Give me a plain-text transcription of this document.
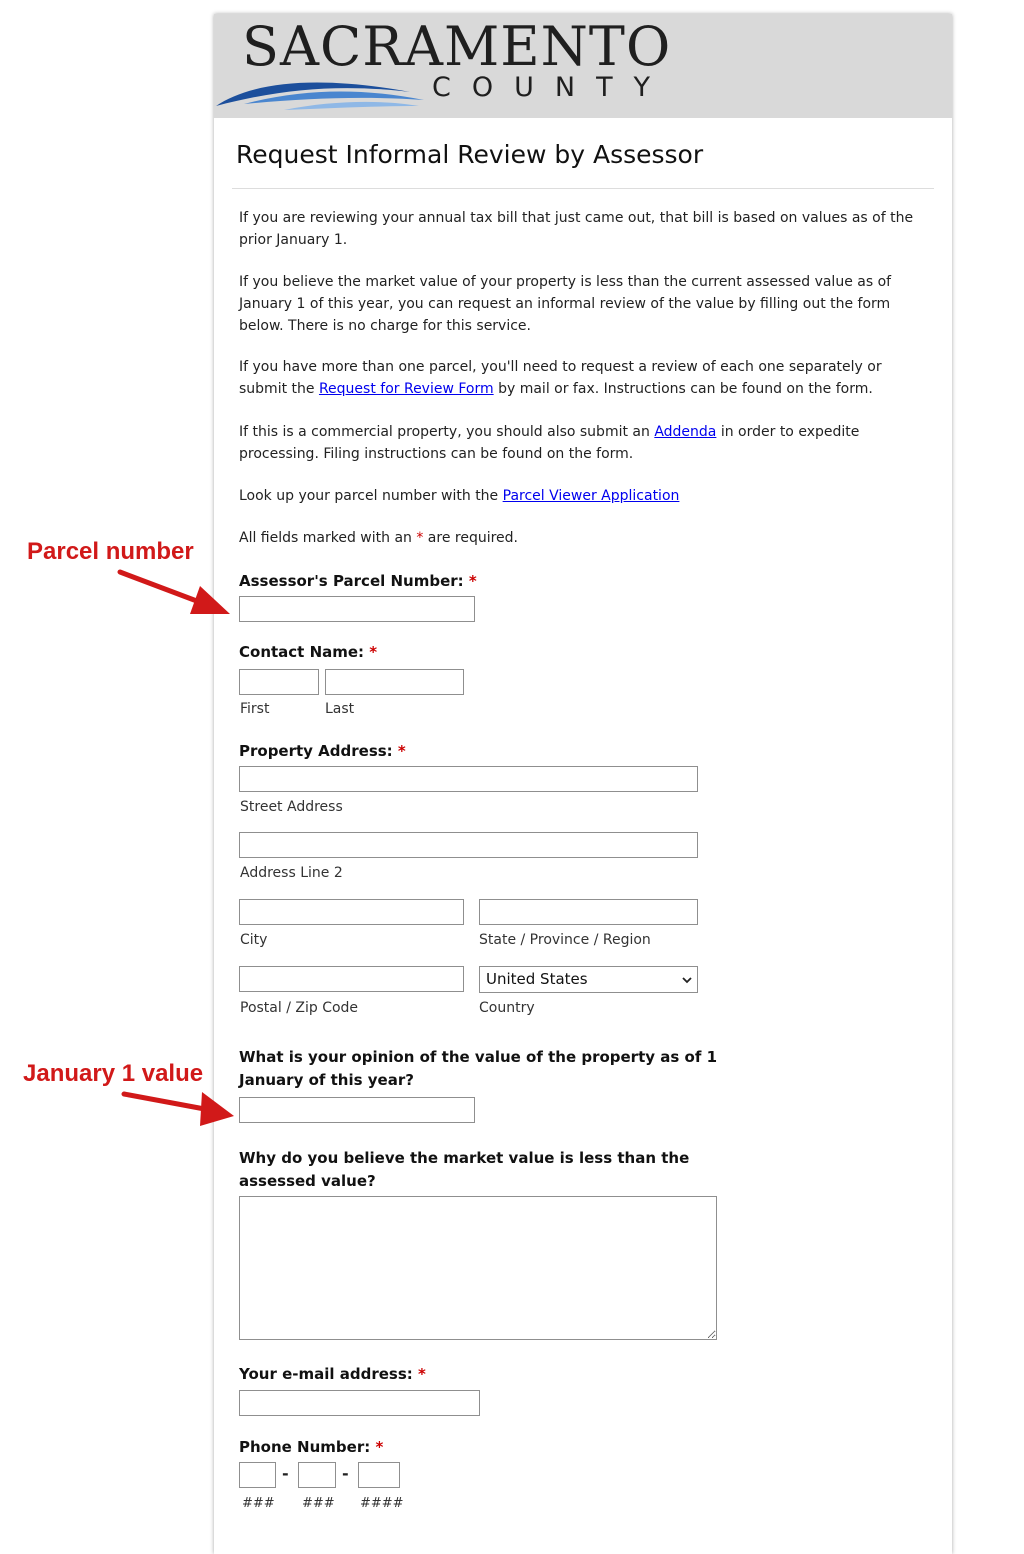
SACRAMENTO
COUNTY
Request Informal Review by Assessor
If you are reviewing your annual tax bill that just came out, that bill is based on values as of the prior January 1.
If you believe the market value of your property is less than the current assessed value as of January 1 of this year, you can request an informal review of the value by filling out the form below. There is no charge for this service.
If you have more than one parcel, you'll need to request a review of each one separately or submit the Request for Review Form by mail or fax. Instructions can be found on the form.
If this is a commercial property, you should also submit an Addenda in order to expedite processing. Filing instructions can be found on the form.
Look up your parcel number with the Parcel Viewer Application
All fields marked with an * are required.
Assessor's Parcel Number: *
Contact Name: *
First	Last
Property Address: *
Street Address
Address Line 2
City	State / Province / Region
United States
Postal / Zip Code	Country
What is your opinion of the value of the property as of 1
January of this year?
Why do you believe the market value is less than the
assessed value?
Your e-mail address: *
Phone Number: *
-	-
### ### ####
Parcel number
January 1 value
